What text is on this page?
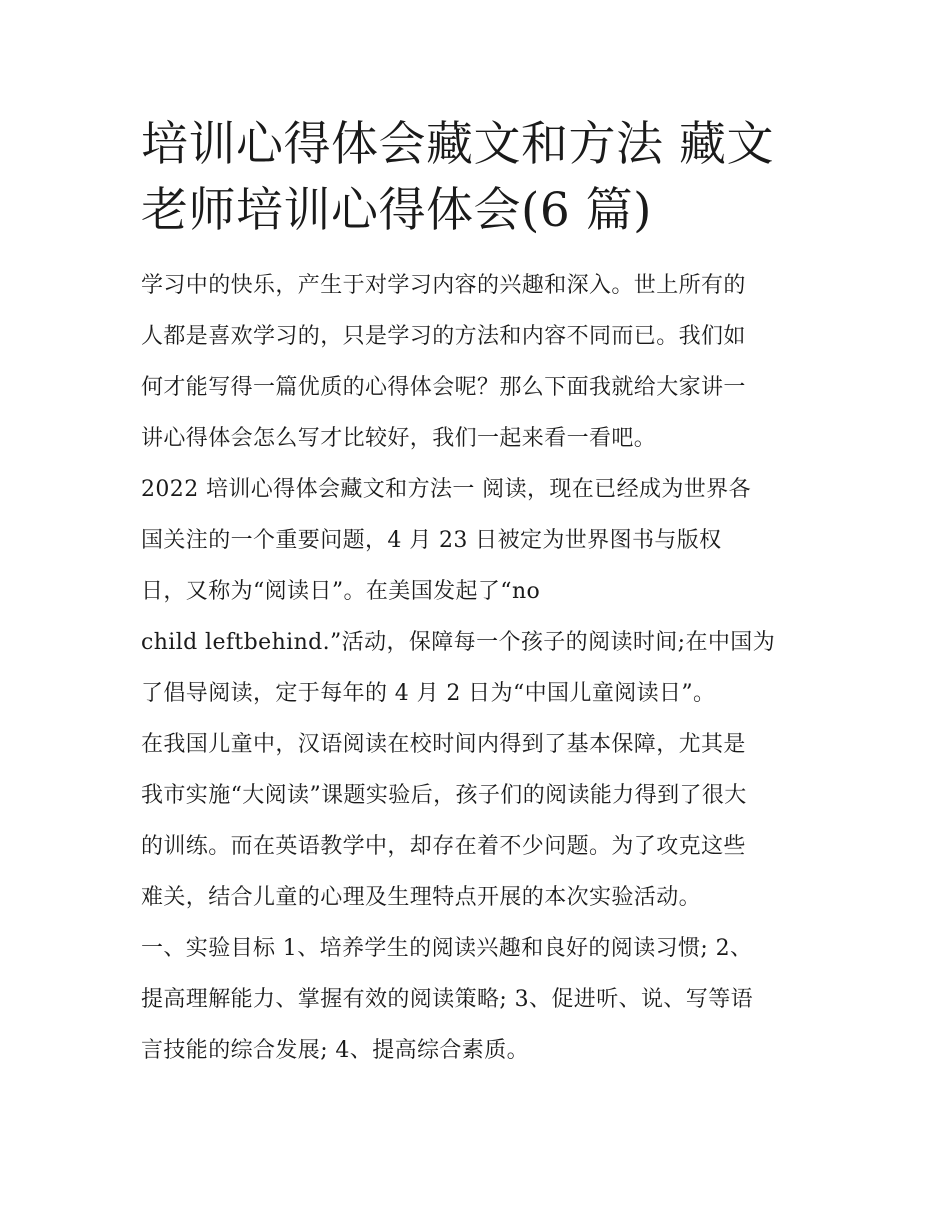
培训心得体会藏文和方法 藏文
老师培训心得体会(6 篇)
学习中的快乐，产生于对学习内容的兴趣和深入。世上所有的
人都是喜欢学习的，只是学习的方法和内容不同而已。我们如
何才能写得一篇优质的心得体会呢？那么下面我就给大家讲一
讲心得体会怎么写才比较好，我们一起来看一看吧。
2022 培训心得体会藏文和方法一 阅读，现在已经成为世界各
国关注的一个重要问题，4 月 23 日被定为世界图书与版权
日，又称为“阅读日”。在美国发起了“no
child leftbehind.”活动，保障每一个孩子的阅读时间;在中国为
了倡导阅读，定于每年的 4 月 2 日为“中国儿童阅读日”。
在我国儿童中，汉语阅读在校时间内得到了基本保障，尤其是
我市实施“大阅读”课题实验后，孩子们的阅读能力得到了很大
的训练。而在英语教学中，却存在着不少问题。为了攻克这些
难关，结合儿童的心理及生理特点开展的本次实验活动。
一、实验目标 1、培养学生的阅读兴趣和良好的阅读习惯; 2、
提高理解能力、掌握有效的阅读策略; 3、促进听、说、写等语
言技能的综合发展; 4、提高综合素质。
